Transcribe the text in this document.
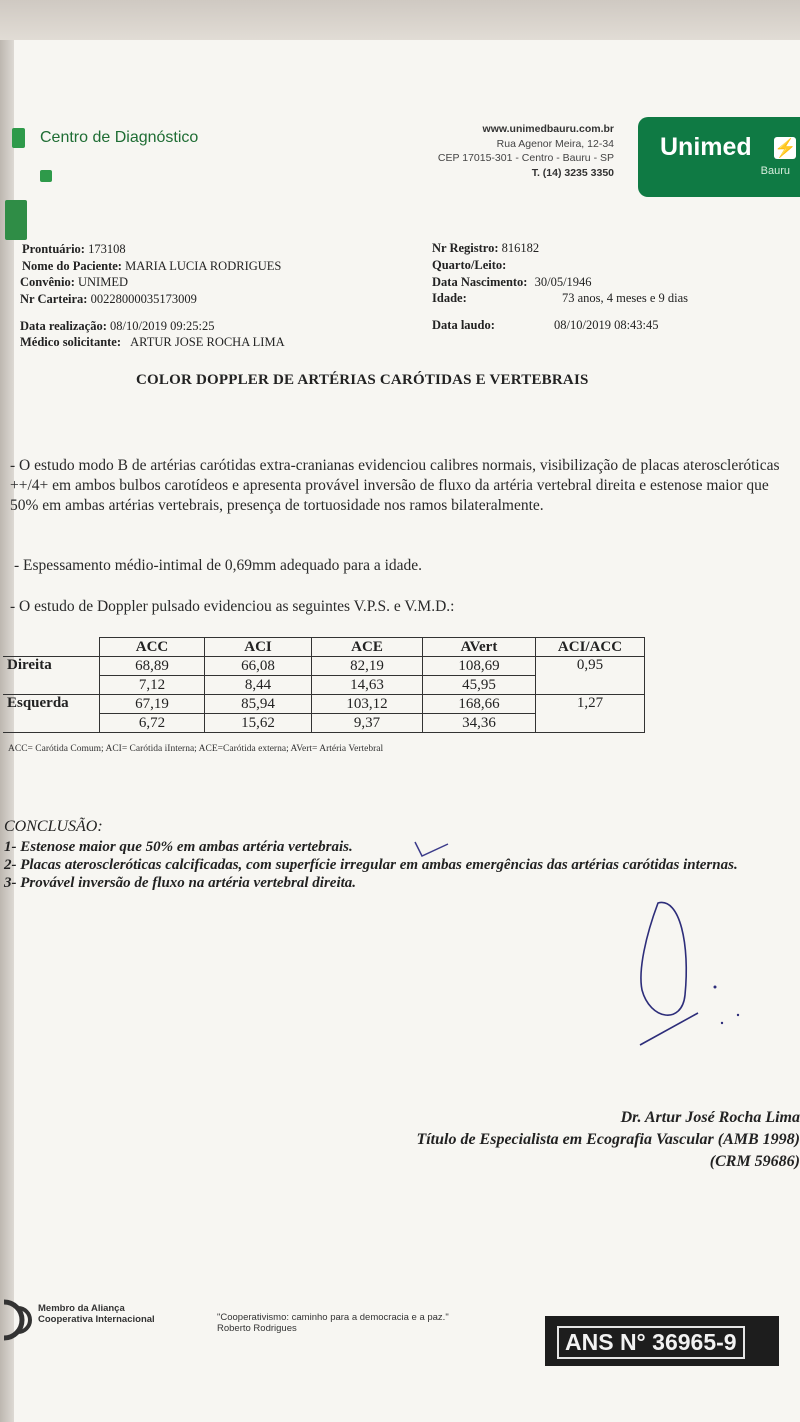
Centro de Diagnóstico	www.unimedbauru.com.br
Rua Agenor Meira, 12-34
CEP 17015-301 - Centro - Bauru - SP
T. (14) 3235 3350
Unimed ⚡
Bauru
Prontuário: 173108
Nome do Paciente: MARIA LUCIA RODRIGUES
Convênio: UNIMED
Nr Carteira: 00228000035173009
Data realização: 08/10/2019 09:25:25
Médico solicitante: ARTUR JOSE ROCHA LIMA
Nr Registro: 816182
Quarto/Leito:
Data Nascimento: 30/05/1946
Idade:	73 anos, 4 meses e 9 dias
Data laudo:	08/10/2019 08:43:45
COLOR DOPPLER DE ARTÉRIAS CARÓTIDAS E VERTEBRAIS
- O estudo modo B de artérias carótidas extra-cranianas evidenciou calibres normais, visibilização de placas ateroscleróticas ++/4+ em ambos bulbos carotídeos e apresenta provável inversão de fluxo da artéria vertebral direita e estenose maior que 50% em ambas artérias vertebrais, presença de tortuosidade nos ramos bilateralmente.
- Espessamento médio-intimal de 0,69mm adequado para a idade.
- O estudo de Doppler pulsado evidenciou as seguintes V.P.S. e V.M.D.:
	ACC	ACI	ACE	AVert	ACI/ACC
Direita	68,89	66,08	82,19	108,69	0,95
	7,12	8,44	14,63	45,95	
Esquerda	67,19	85,94	103,12	168,66	1,27
	6,72	15,62	9,37	34,36	
ACC= Carótida Comum; ACI= Carótida iInterna; ACE=Carótida externa; AVert= Artéria Vertebral
CONCLUSÃO:
1- Estenose maior que 50% em ambas artéria vertebrais.
2- Placas ateroscleróticas calcificadas, com superfície irregular em ambas emergências das artérias carótidas internas.
3- Provável inversão de fluxo na artéria vertebral direita.
Dr. Artur José Rocha Lima
Título de Especialista em Ecografia Vascular (AMB 1998)
(CRM 59686)
Membro da Aliança
Cooperativa Internacional	"Cooperativismo: caminho para a democracia e a paz."
Roberto Rodrigues
ANS N° 36965-9
